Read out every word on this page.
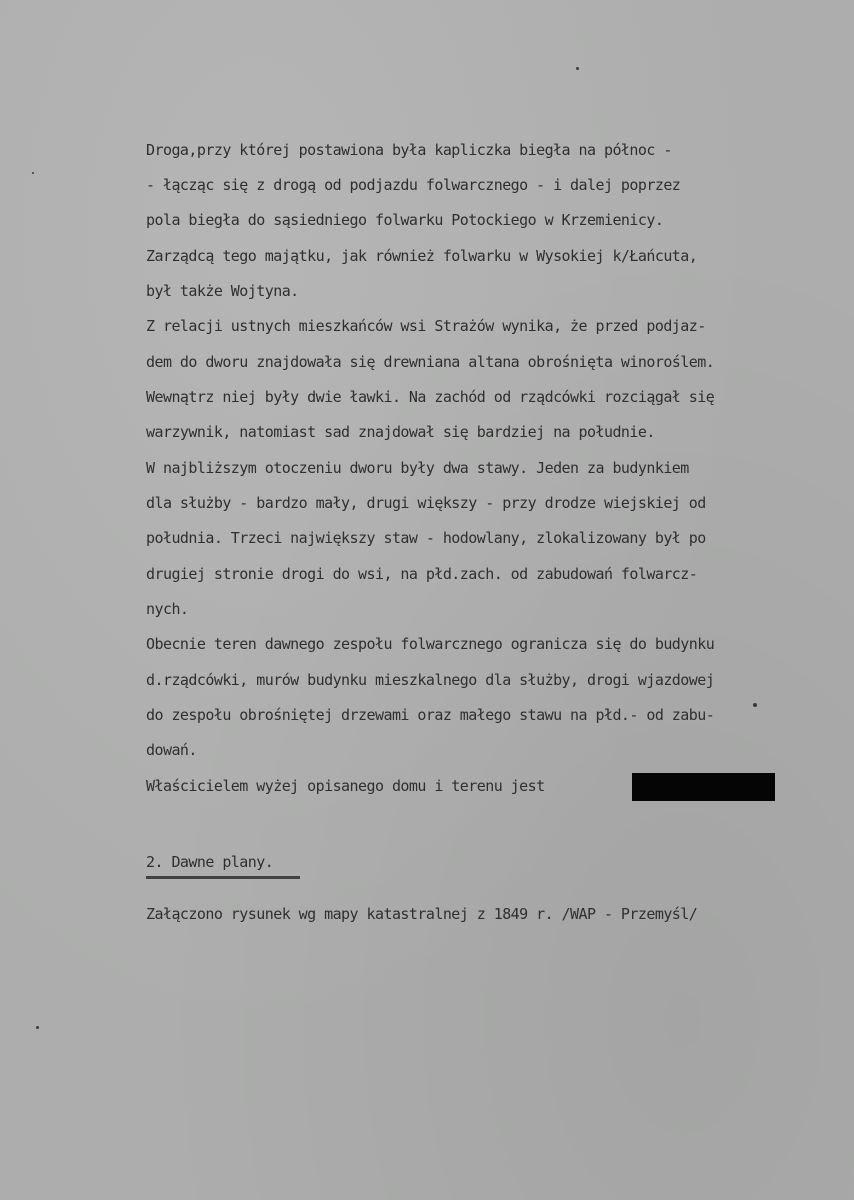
Droga,przy której postawiona była kapliczka biegła na północ -
- łącząc się z drogą od podjazdu folwarcznego - i dalej poprzez
pola biegła do sąsiedniego folwarku Potockiego w Krzemienicy.
Zarządcą tego majątku, jak również folwarku w Wysokiej k/Łańcuta,
był także Wojtyna.
Z relacji ustnych mieszkańców wsi Strażów wynika, że przed podjaz-
dem do dworu znajdowała się drewniana altana obrośnięta winoroślem.
Wewnątrz niej były dwie ławki. Na zachód od rządcówki rozciągał się
warzywnik, natomiast sad znajdował się bardziej na południe.
W najbliższym otoczeniu dworu były dwa stawy. Jeden za budynkiem
dla służby - bardzo mały, drugi większy - przy drodze wiejskiej od
południa. Trzeci największy staw - hodowlany, zlokalizowany był po
drugiej stronie drogi do wsi, na płd.zach. od zabudowań folwarcz-
nych.
Obecnie teren dawnego zespołu folwarcznego ogranicza się do budynku
d.rządcówki, murów budynku mieszkalnego dla służby, drogi wjazdowej
do zespołu obrośniętej drzewami oraz małego stawu na płd.- od zabu-
dowań.
Właścicielem wyżej opisanego domu i terenu jest
2. Dawne plany.
Załączono rysunek wg mapy katastralnej z 1849 r. /WAP - Przemyśl/
